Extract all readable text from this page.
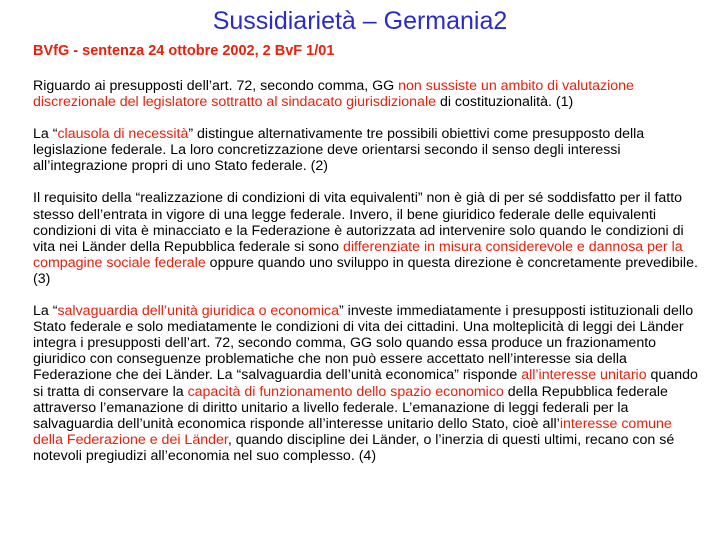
Sussidiarietà – Germania2

BVfG - sentenza 24 ottobre 2002, 2 BvF 1/01

Riguardo ai presupposti dell’art. 72, secondo comma, GG non sussiste un ambito di valutazione discrezionale del legislatore sottratto al sindacato giurisdizionale di costituzionalità. (1)

La “clausola di necessità” distingue alternativamente tre possibili obiettivi come presupposto della legislazione federale. La loro concretizzazione deve orientarsi secondo il senso degli interessi all’integrazione propri di uno Stato federale. (2)

Il requisito della “realizzazione di condizioni di vita equivalenti” non è già di per sé soddisfatto per il fatto stesso dell’entrata in vigore di una legge federale. Invero, il bene giuridico federale delle equivalenti condizioni di vita è minacciato e la Federazione è autorizzata ad intervenire solo quando le condizioni di vita nei Länder della Repubblica federale si sono differenziate in misura considerevole e dannosa per la compagine sociale federale oppure quando uno sviluppo in questa direzione è concretamente prevedibile. (3)

La “salvaguardia dell’unità giuridica o economica” investe immediatamente i presupposti istituzionali dello Stato federale e solo mediatamente le condizioni di vita dei cittadini. Una molteplicità di leggi dei Länder integra i presupposti dell’art. 72, secondo comma, GG solo quando essa produce un frazionamento giuridico con conseguenze problematiche che non può essere accettato nell’interesse sia della Federazione che dei Länder. La “salvaguardia dell’unità economica” risponde all’interesse unitario quando si tratta di conservare la capacità di funzionamento dello spazio economico della Repubblica federale attraverso l’emanazione di diritto unitario a livello federale. L’emanazione di leggi federali per la salvaguardia dell’unità economica risponde all’interesse unitario dello Stato, cioè all’interesse comune della Federazione e dei Länder, quando discipline dei Länder, o l’inerzia di questi ultimi, recano con sé notevoli pregiudizi all’economia nel suo complesso. (4)
